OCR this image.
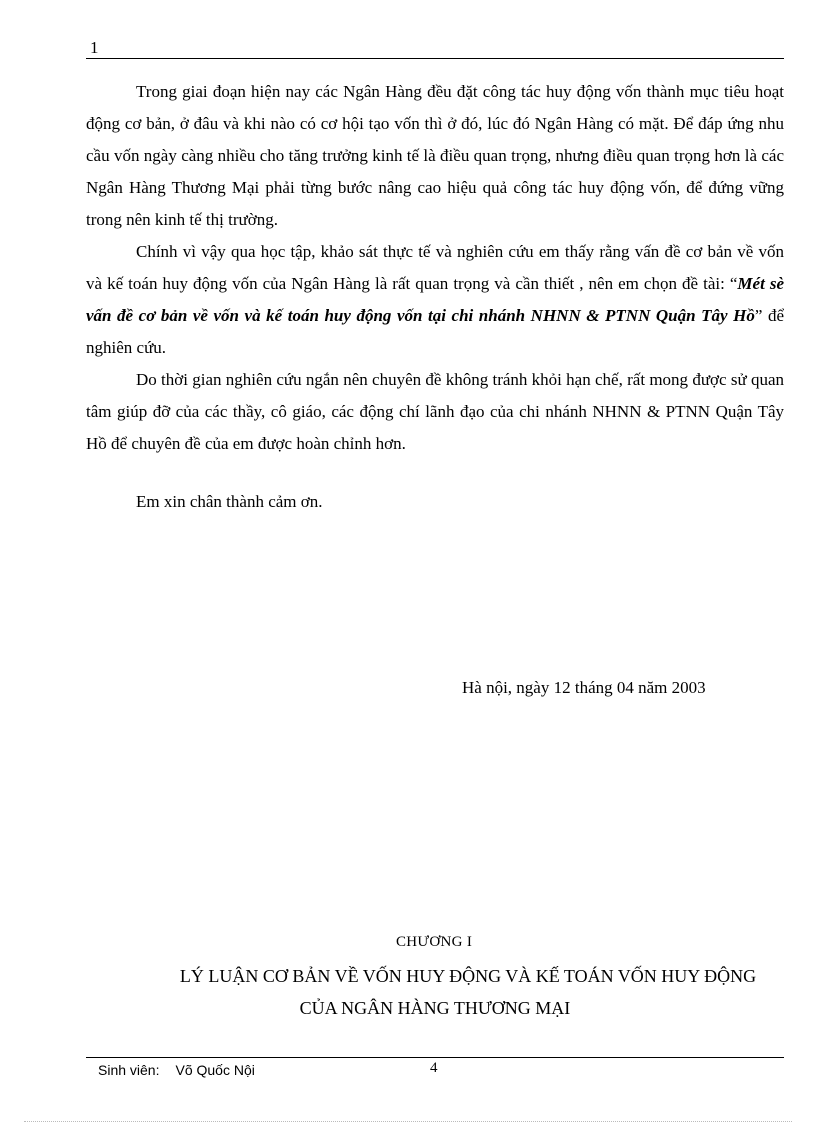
1

Trong giai đoạn hiện nay các Ngân Hàng đều đặt công tác huy động vốn thành mục tiêu hoạt động cơ bản, ở đâu và khi nào có cơ hội tạo vốn thì ở đó, lúc đó Ngân Hàng có mặt. Để đáp ứng nhu cầu vốn ngày càng nhiều cho tăng trưởng kinh tế là điều quan trọng, nhưng điều quan trọng hơn là các Ngân Hàng Thương Mại phải từng bước nâng cao hiệu quả công tác huy động vốn, để đứng vững trong nên kinh tế thị trường.

Chính vì vậy qua học tập, khảo sát thực tế và nghiên cứu em thấy rằng vấn đề cơ bản về vốn và kế toán huy động vốn của Ngân Hàng là rất quan trọng và cần thiết , nên em chọn đề tài: “Mét sè vấn đề cơ bản về vốn và kế toán huy động vốn tại chi nhánh NHNN & PTNN Quận Tây Hồ” để nghiên cứu.

Do thời gian nghiên cứu ngắn nên chuyên đề không tránh khỏi hạn chế, rất mong được sử quan tâm giúp đỡ của các thầy, cô giáo, các động chí lãnh đạo của chi nhánh NHNN & PTNN Quận Tây Hồ để chuyên đề của em được hoàn chỉnh hơn.

Em xin chân thành cảm ơn.
Hà nội, ngày 12 tháng 04 năm 2003
CHƯƠNG I
LÝ LUẬN CƠ BẢN VỀ VỐN HUY ĐỘNG VÀ KẾ TOÁN VỐN HUY ĐỘNG
CỦA NGÂN HÀNG THƯƠNG MẠI
Sinh viên: Võ Quốc Nội	4
